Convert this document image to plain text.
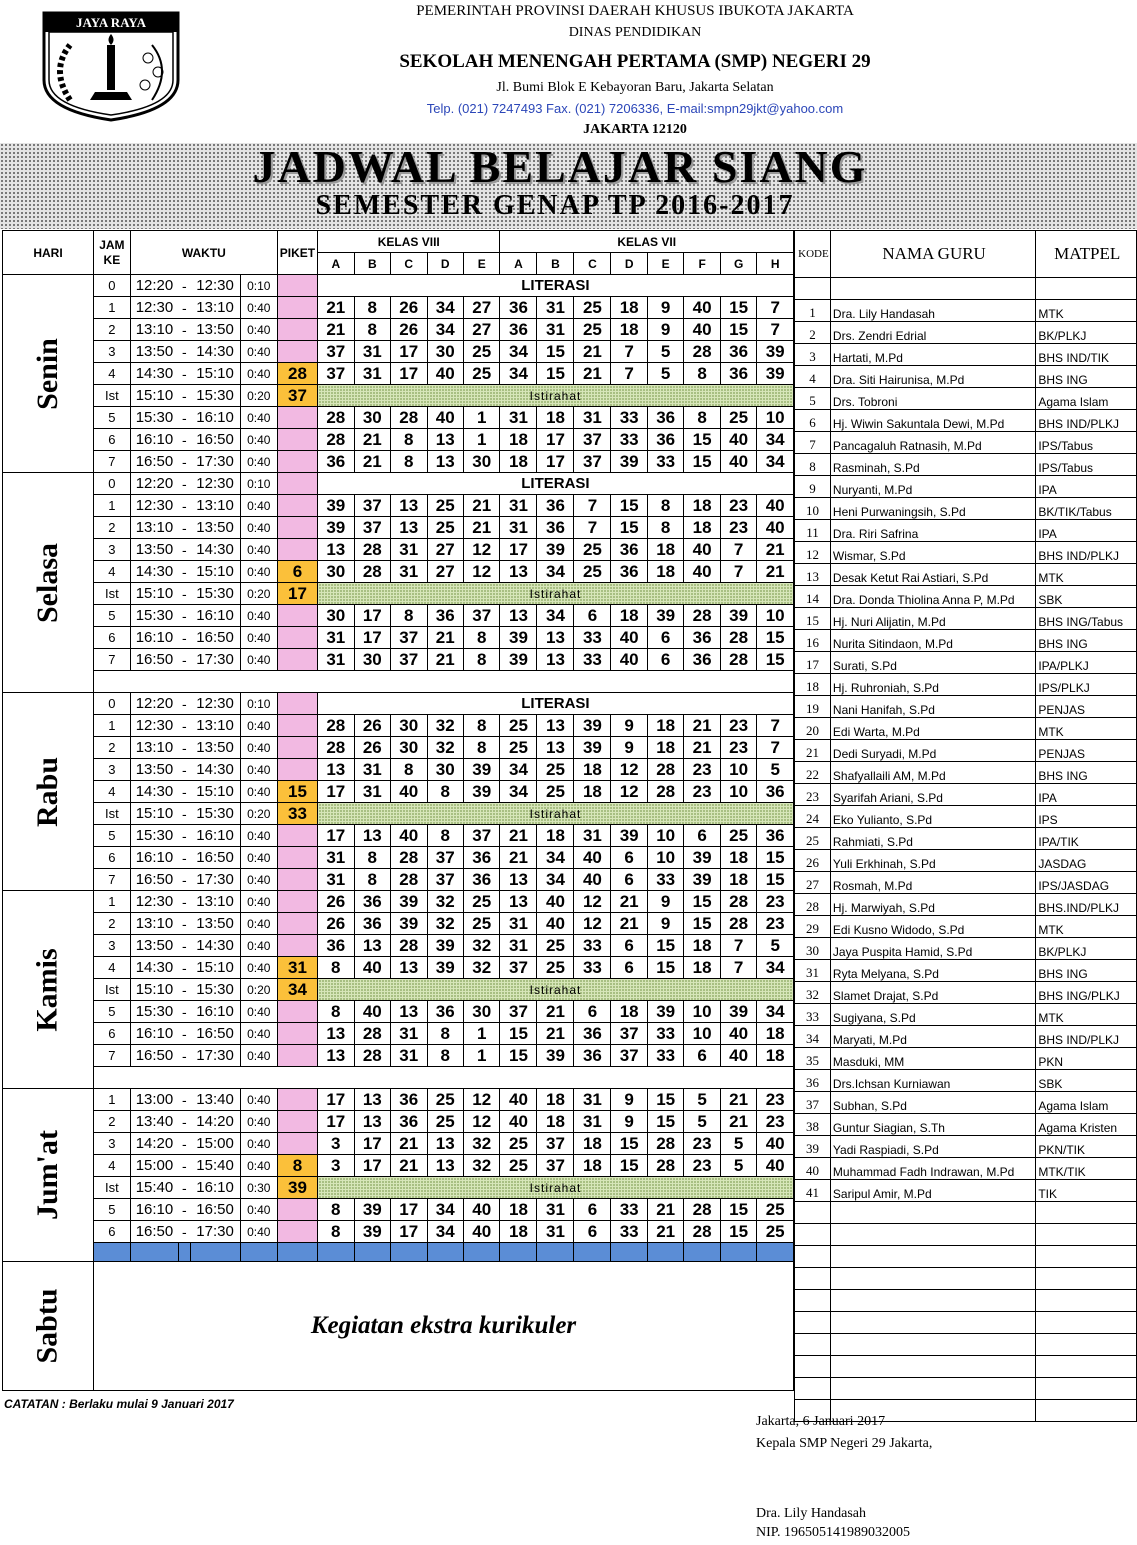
JAYA RAYA
PEMERINTAH PROVINSI DAERAH KHUSUS IBUKOTA JAKARTA
DINAS PENDIDIKAN
SEKOLAH MENENGAH PERTAMA (SMP) NEGERI 29
Jl. Bumi Blok E Kebayoran Baru, Jakarta Selatan
Telp. (021) 7247493 Fax. (021) 7206336, E-mail:smpn29jkt@yahoo.com
JAKARTA 12120
JADWAL BELAJAR SIANG
SEMESTER GENAP TP 2016-2017
HARI	JAM KE	WAKTU				PIKET	KELAS VIII					KELAS VII							
							A	B	C	D	E	A	B	C	D	E	F	G	H
Senin	0	12:20	-	12:30	0:10							LITERASI							
	1	12:30	-	13:10	0:40		21	8	26	34	27	36	31	25	18	9	40	15	7
	2	13:10	-	13:50	0:40		21	8	26	34	27	36	31	25	18	9	40	15	7
	3	13:50	-	14:30	0:40		37	31	17	30	25	34	15	21	7	5	28	36	39
	4	14:30	-	15:10	0:40	28	37	31	17	40	25	34	15	21	7	5	8	36	39
	Ist	15:10	-	15:30	0:20	37	Istirahat												
	5	15:30	-	16:10	0:40		28	30	28	40	1	31	18	31	33	36	8	25	10
	6	16:10	-	16:50	0:40		28	21	8	13	1	18	17	37	33	36	15	40	34
	7	16:50	-	17:30	0:40		36	21	8	13	30	18	17	37	39	33	15	40	34
Selasa	0	12:20	-	12:30	0:10							LITERASI							
	1	12:30	-	13:10	0:40		39	37	13	25	21	31	36	7	15	8	18	23	40
	2	13:10	-	13:50	0:40		39	37	13	25	21	31	36	7	15	8	18	23	40
	3	13:50	-	14:30	0:40		13	28	31	27	12	17	39	25	36	18	40	7	21
	4	14:30	-	15:10	0:40	6	30	28	31	27	12	13	34	25	36	18	40	7	21
	Ist	15:10	-	15:30	0:20	17	Istirahat												
	5	15:30	-	16:10	0:40		30	17	8	36	37	13	34	6	18	39	28	39	10
	6	16:10	-	16:50	0:40		31	17	37	21	8	39	13	33	40	6	36	28	15
	7	16:50	-	17:30	0:40		31	30	37	21	8	39	13	33	40	6	36	28	15

Rabu	0	12:20	-	12:30	0:10							LITERASI							
	1	12:30	-	13:10	0:40		28	26	30	32	8	25	13	39	9	18	21	23	7
	2	13:10	-	13:50	0:40		28	26	30	32	8	25	13	39	9	18	21	23	7
	3	13:50	-	14:30	0:40		13	31	8	30	39	34	25	18	12	28	23	10	5
	4	14:30	-	15:10	0:40	15	17	31	40	8	39	34	25	18	12	28	23	10	36
	Ist	15:10	-	15:30	0:20	33	Istirahat												
	5	15:30	-	16:10	0:40		17	13	40	8	37	21	18	31	39	10	6	25	36
	6	16:10	-	16:50	0:40		31	8	28	37	36	21	34	40	6	10	39	18	15
	7	16:50	-	17:30	0:40		31	8	28	37	36	13	34	40	6	33	39	18	15
Kamis	1	12:30	-	13:10	0:40		26	36	39	32	25	13	40	12	21	9	15	28	23
	2	13:10	-	13:50	0:40		26	36	39	32	25	31	40	12	21	9	15	28	23
	3	13:50	-	14:30	0:40		36	13	28	39	32	31	25	33	6	15	18	7	5
	4	14:30	-	15:10	0:40	31	8	40	13	39	32	37	25	33	6	15	18	7	34
	Ist	15:10	-	15:30	0:20	34	Istirahat												
	5	15:30	-	16:10	0:40		8	40	13	36	30	37	21	6	18	39	10	39	34
	6	16:10	-	16:50	0:40		13	28	31	8	1	15	21	36	37	33	10	40	18
	7	16:50	-	17:30	0:40		13	28	31	8	1	15	39	36	37	33	6	40	18

Jum'at	1	13:00	-	13:40	0:40		17	13	36	25	12	40	18	31	9	15	5	21	23
	2	13:40	-	14:20	0:40		17	13	36	25	12	40	18	31	9	15	5	21	23
	3	14:20	-	15:00	0:40		3	17	21	13	32	25	37	18	15	28	23	5	40
	4	15:00	-	15:40	0:40	8	3	17	21	13	32	25	37	18	15	28	23	5	40
	Ist	15:40	-	16:10	0:30	39	Istirahat												
	5	16:10	-	16:50	0:40		8	39	17	34	40	18	31	6	33	21	28	15	25
	6	16:50	-	17:30	0:40		8	39	17	34	40	18	31	6	33	21	28	15	25

Sabtu	Kegiatan ekstra kurikuler																		
KODE	NAMA GURU	MATPEL

1	Dra. Lily Handasah	MTK
2	Drs. Zendri Edrial	BK/PLKJ
3	Hartati, M.Pd	BHS IND/TIK
4	Dra. Siti Hairunisa, M.Pd	BHS ING
5	Drs. Tobroni	Agama Islam
6	Hj. Wiwin Sakuntala Dewi, M.Pd	BHS IND/PLKJ
7	Pancagaluh Ratnasih, M.Pd	IPS/Tabus
8	Rasminah, S.Pd	IPS/Tabus
9	Nuryanti, M.Pd	IPA
10	Heni Purwaningsih, S.Pd	BK/TIK/Tabus
11	Dra. Riri Safrina	IPA
12	Wismar, S.Pd	BHS IND/PLKJ
13	Desak Ketut Rai Astiari, S.Pd	MTK
14	Dra. Donda Thiolina Anna P, M.Pd	SBK
15	Hj. Nuri Alijatin, M.Pd	BHS ING/Tabus
16	Nurita Sitindaon, M.Pd	BHS ING
17	Surati, S.Pd	IPA/PLKJ
18	Hj. Ruhroniah, S.Pd	IPS/PLKJ
19	Nani Hanifah, S.Pd	PENJAS
20	Edi Warta, M.Pd	MTK
21	Dedi Suryadi, M.Pd	PENJAS
22	Shafyallaili AM, M.Pd	BHS ING
23	Syarifah Ariani, S.Pd	IPA
24	Eko Yulianto, S.Pd	IPS
25	Rahmiati, S.Pd	IPA/TIK
26	Yuli Erkhinah, S.Pd	JASDAG
27	Rosmah, M.Pd	IPS/JASDAG
28	Hj. Marwiyah, S.Pd	BHS.IND/PLKJ
29	Edi Kusno Widodo, S.Pd	MTK
30	Jaya Puspita Hamid, S.Pd	BK/PLKJ
31	Ryta Melyana, S.Pd	BHS ING
32	Slamet Drajat, S.Pd	BHS ING/PLKJ
33	Sugiyana, S.Pd	MTK
34	Maryati, M.Pd	BHS IND/PLKJ
35	Masduki, MM	PKN
36	Drs.Ichsan Kurniawan	SBK
37	Subhan, S.Pd	Agama Islam
38	Guntur Siagian, S.Th	Agama Kristen
39	Yadi Raspiadi, S.Pd	PKN/TIK
40	Muhammad Fadh Indrawan, M.Pd	MTK/TIK
41	Saripul Amir, M.Pd	TIK

CATATAN : Berlaku mulai 9 Januari 2017
Jakarta, 6 Januari 2017
Kepala SMP Negeri 29 Jakarta,
Dra. Lily Handasah
NIP. 196505141989032005
